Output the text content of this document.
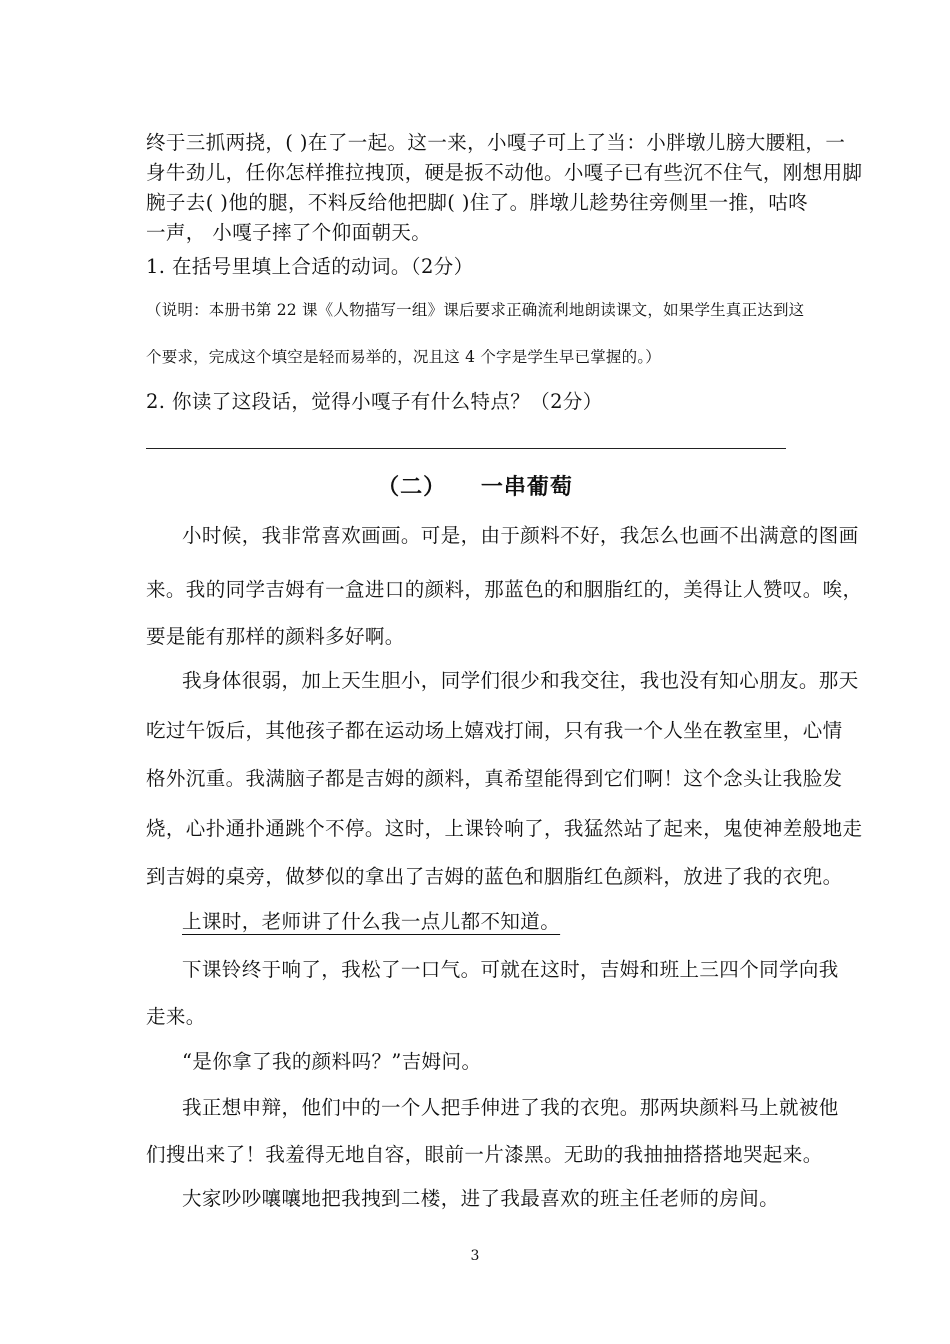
终于三抓两挠，( )在了一起。这一来，小嘎子可上了当：小胖墩儿膀大腰粗，一
身牛劲儿，任你怎样推拉拽顶，硬是扳不动他。小嘎子已有些沉不住气，刚想用脚
腕子去( )他的腿，不料反给他把脚( )住了。胖墩儿趁势往旁侧里一推，咕咚
一声， 小嘎子摔了个仰面朝天。
1. 在括号里填上合适的动词。（2分）
（说明：本册书第 22 课《人物描写一组》课后要求正确流利地朗读课文，如果学生真正达到这
个要求，完成这个填空是轻而易举的，况且这 4 个字是学生早已掌握的。）
2. 你读了这段话，觉得小嘎子有什么特点？（2分）
（二） 一串葡萄
小时候，我非常喜欢画画。可是，由于颜料不好，我怎么也画不出满意的图画
来。我的同学吉姆有一盒进口的颜料，那蓝色的和胭脂红的，美得让人赞叹。唉，
要是能有那样的颜料多好啊。
我身体很弱，加上天生胆小，同学们很少和我交往，我也没有知心朋友。那天
吃过午饭后，其他孩子都在运动场上嬉戏打闹，只有我一个人坐在教室里，心情
格外沉重。我满脑子都是吉姆的颜料，真希望能得到它们啊！这个念头让我脸发
烧，心扑通扑通跳个不停。这时，上课铃响了，我猛然站了起来，鬼使神差般地走
到吉姆的桌旁，做梦似的拿出了吉姆的蓝色和胭脂红色颜料，放进了我的衣兜。
上课时，老师讲了什么我一点儿都不知道。
下课铃终于响了，我松了一口气。可就在这时，吉姆和班上三四个同学向我
走来。
“是你拿了我的颜料吗？”吉姆问。
我正想申辩，他们中的一个人把手伸进了我的衣兜。那两块颜料马上就被他
们搜出来了！我羞得无地自容，眼前一片漆黑。无助的我抽抽搭搭地哭起来。
大家吵吵嚷嚷地把我拽到二楼，进了我最喜欢的班主任老师的房间。
3
